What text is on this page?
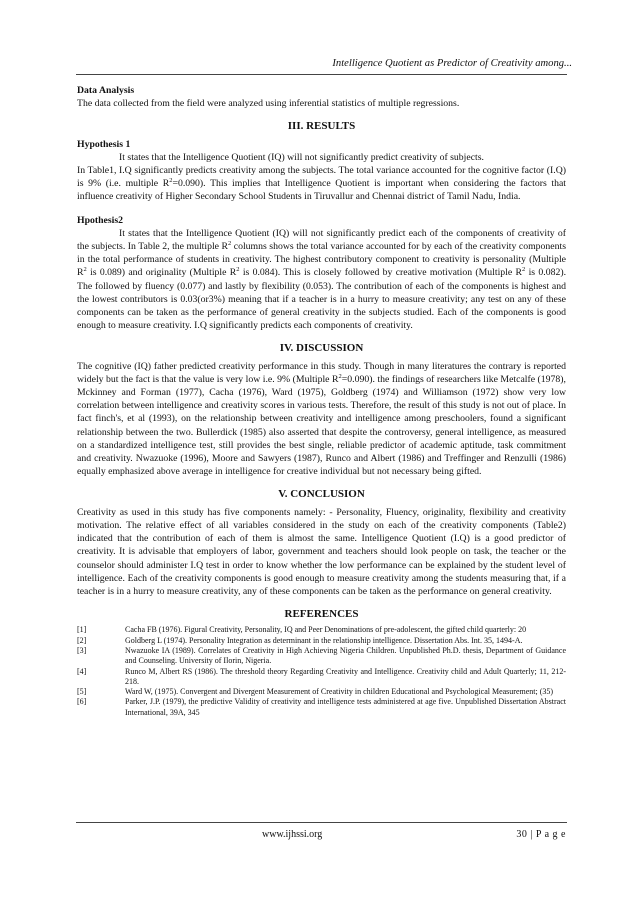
Intelligence Quotient as Predictor of Creativity among...

Data Analysis

The data collected from the field were analyzed using inferential statistics of multiple regressions.

III. RESULTS

Hypothesis 1

It states that the Intelligence Quotient (IQ) will not significantly predict creativity of subjects.

In Table1, I.Q significantly predicts creativity among the subjects. The total variance accounted for the cognitive factor (I.Q) is 9% (i.e. multiple $R^2=0.090$). This implies that Intelligence Quotient is important when considering the factors that influence creativity of Higher Secondary School Students in Tiruvallur and Chennai district of Tamil Nadu, India.

Hpothesis2

It states that the Intelligence Quotient (IQ) will not significantly predict each of the components of creativity of the subjects. In Table 2, the multiple $R^2$ columns shows the total variance accounted for by each of the creativity components in the total performance of students in creativity. The highest contributory component to creativity is personality (Multiple $R^2$ is 0.089) and originality (Multiple $R^2$ is 0.084). This is closely followed by creative motivation (Multiple $R^2$ is 0.082). The followed by fluency (0.077) and lastly by flexibility (0.053). The contribution of each of the components is highest and the lowest contributors is 0.03(or3%) meaning that if a teacher is in a hurry to measure creativity; any test on any of these components can be taken as the performance of general creativity in the subjects studied. Each of the components is good enough to measure creativity. I.Q significantly predicts each components of creativity.

IV. DISCUSSION

The cognitive (IQ) father predicted creativity performance in this study. Though in many literatures the contrary is reported widely but the fact is that the value is very low i.e. 9% (Multiple $R^2=0.090$). the findings of researchers like Metcalfe (1978), Mckinney and Forman (1977), Cacha (1976), Ward (1975), Goldberg (1974) and Williamson (1972) show very low correlation between intelligence and creativity scores in various tests. Therefore, the result of this study is not out of place. In fact finch's, et al (1993), on the relationship between creativity and intelligence among preschoolers, found a significant relationship between the two. Bullerdick (1985) also asserted that despite the controversy, general intelligence, as measured on a standardized intelligence test, still provides the best single, reliable predictor of academic aptitude, task commitment and creativity. Nwazuoke (1996), Moore and Sawyers (1987), Runco and Albert (1986) and Treffinger and Renzulli (1986) equally emphasized above average in intelligence for creative individual but not necessary being gifted.

V. CONCLUSION

Creativity as used in this study has five components namely: - Personality, Fluency, originality, flexibility and creativity motivation. The relative effect of all variables considered in the study on each of the creativity components (Table2) indicated that the contribution of each of them is almost the same. Intelligence Quotient (I.Q) is a good predictor of creativity. It is advisable that employers of labor, government and teachers should look people on task, the teacher or the counselor should administer I.Q test in order to know whether the low performance can be explained by the student level of intelligence. Each of the creativity components is good enough to measure creativity among the students measuring that, if a teacher is in a hurry to measure creativity, any of these components can be taken as the performance on general creativity.

REFERENCES
[1]	Cacha FB (1976). Figural Creativity, Personality, IQ and Peer Denominations of pre-adolescent, the gifted child quarterly: 20
[2]	Goldberg L (1974). Personality Integration as determinant in the relationship intelligence. Dissertation Abs. Int. 35, 1494-A.
[3]	Nwazuoke IA (1989). Correlates of Creativity in High Achieving Nigeria Children. Unpublished Ph.D. thesis, Department of Guidance and Counseling. University of Ilorin, Nigeria.
[4]	Runco M, Albert RS (1986). The threshold theory Regarding Creativity and Intelligence. Creativity child and Adult Quarterly; 11, 212-218.
[5]	Ward W, (1975). Convergent and Divergent Measurement of Creativity in children Educational and Psychological Measurement; (35)
[6]	Parker, J.P. (1979), the predictive Validity of creativity and intelligence tests administered at age five. Unpublished Dissertation Abstract International, 39A, 345
www.ijhssi.org	30 | P a g e
